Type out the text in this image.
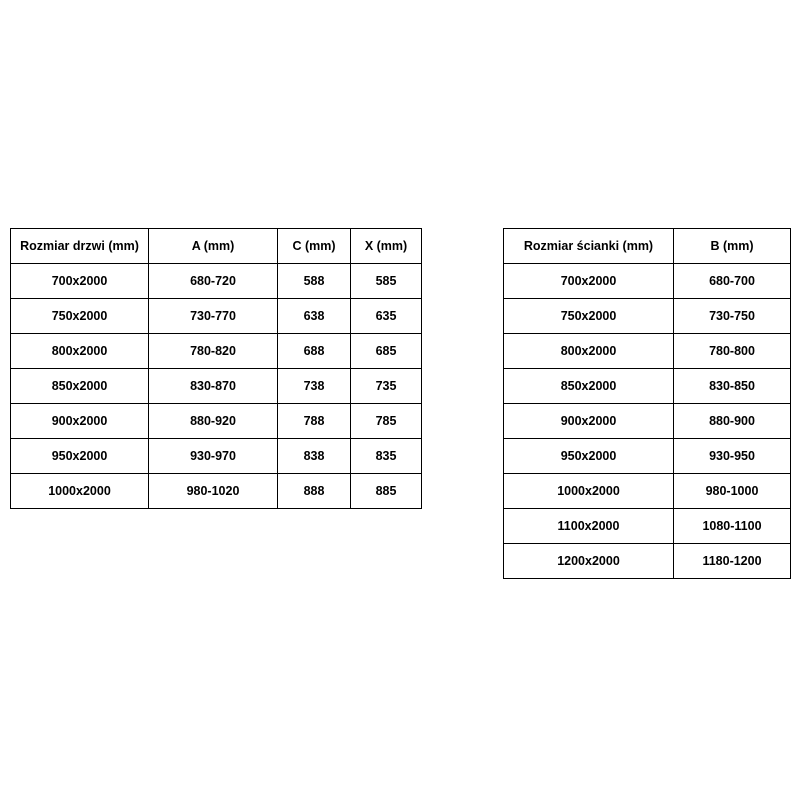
Rozmiar drzwi (mm)	A (mm)	C (mm)	X (mm)
700x2000	680-720	588	585
750x2000	730-770	638	635
800x2000	780-820	688	685
850x2000	830-870	738	735
900x2000	880-920	788	785
950x2000	930-970	838	835
1000x2000	980-1020	888	885
Rozmiar ścianki (mm)	B (mm)
700x2000	680-700
750x2000	730-750
800x2000	780-800
850x2000	830-850
900x2000	880-900
950x2000	930-950
1000x2000	980-1000
1100x2000	1080-1100
1200x2000	1180-1200
